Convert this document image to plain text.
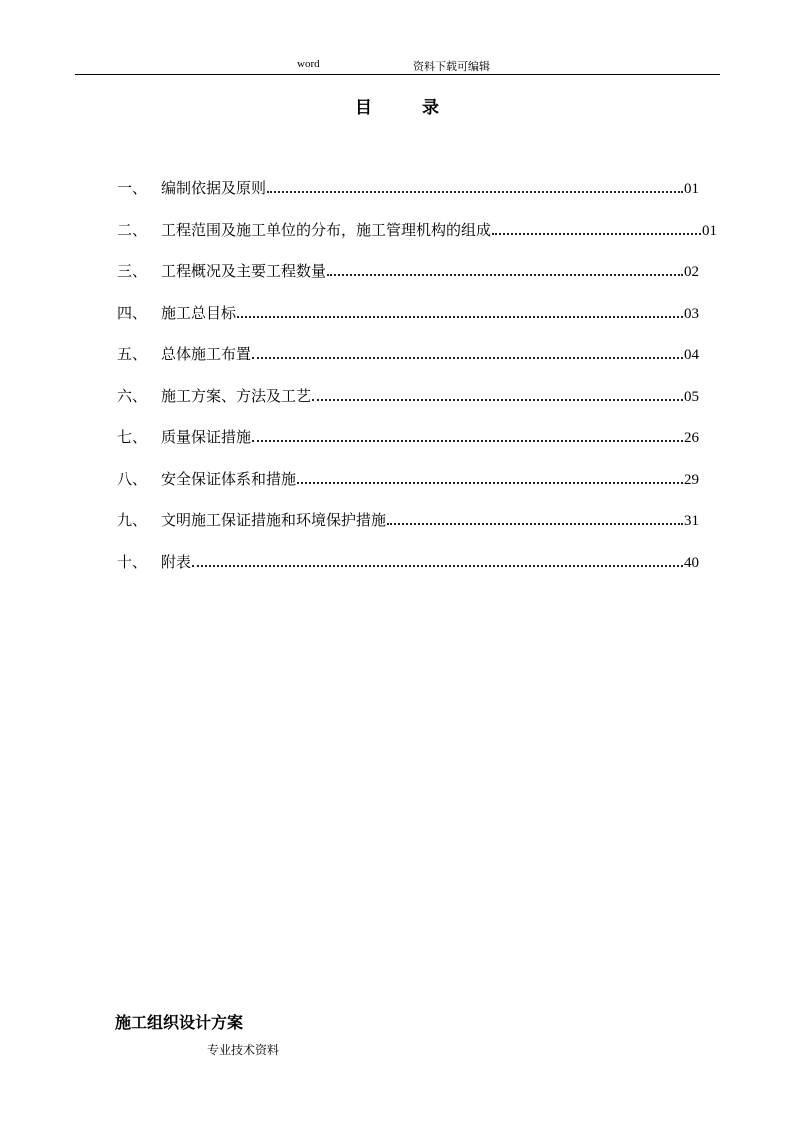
word	资料下载可编辑
目 录
一、 编制依据及原则	01
二、 工程范围及施工单位的分布，施工管理机构的组成	01
三、 工程概况及主要工程数量	02
四、 施工总目标	03
五、 总体施工布置	04
六、 施工方案、方法及工艺	05
七、 质量保证措施	26
八、 安全保证体系和措施	29
九、 文明施工保证措施和环境保护措施	31
十、 附表	40
施工组织设计方案
专业技术资料
